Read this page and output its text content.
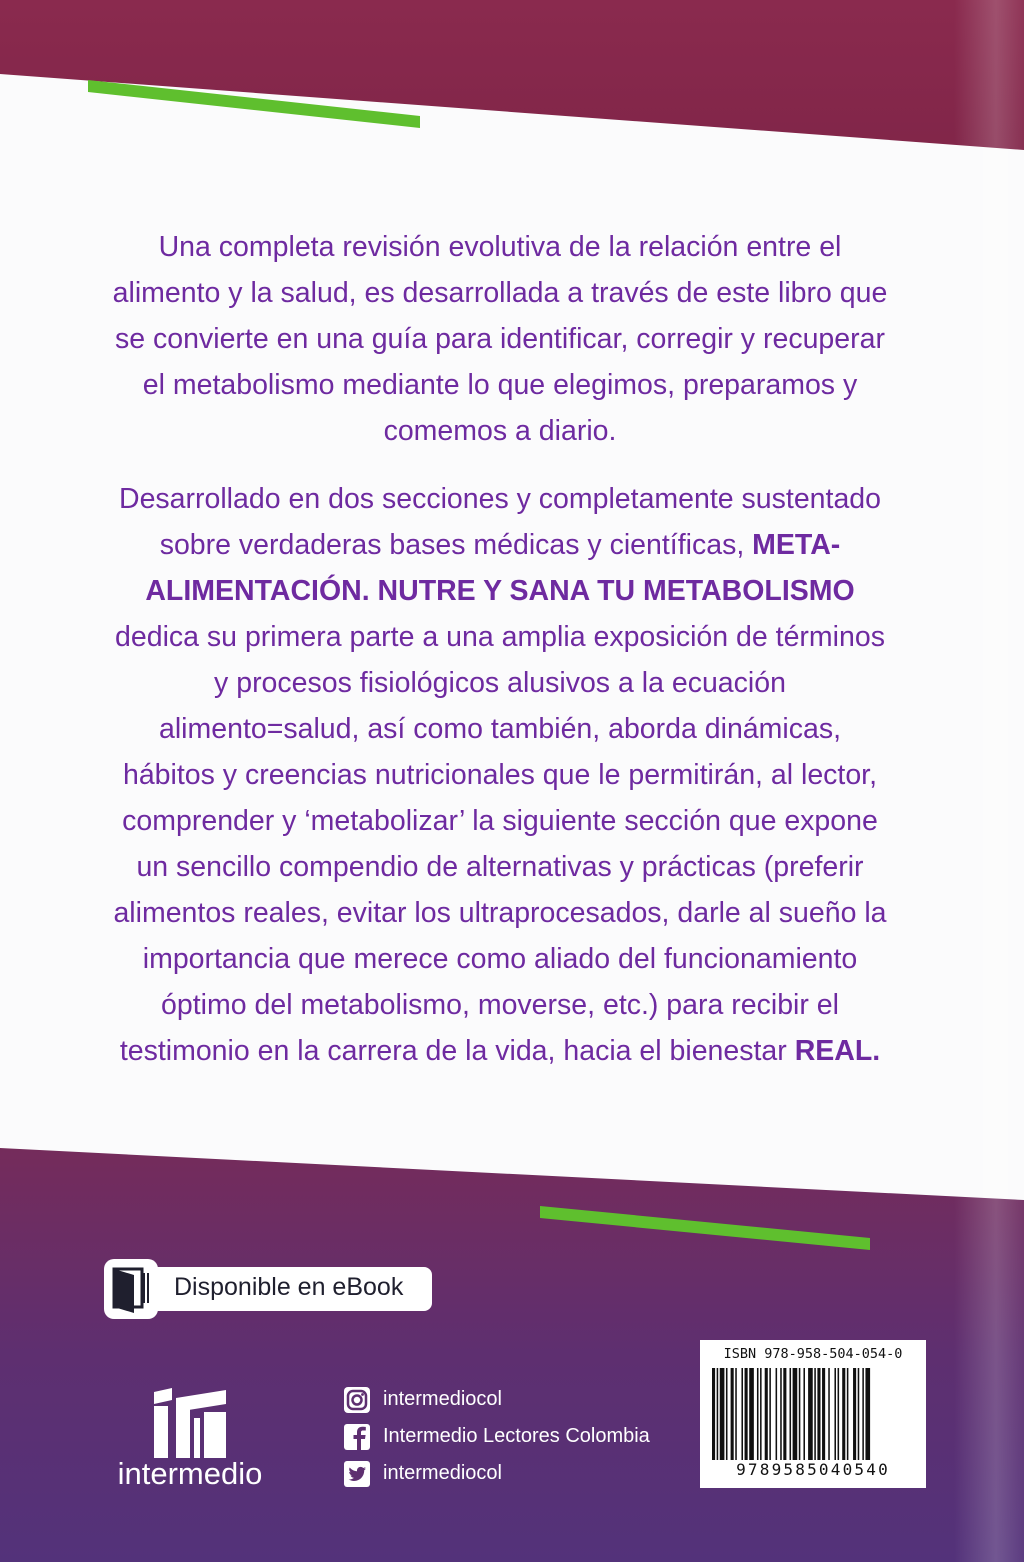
Una completa revisión evolutiva de la relación entre el alimento y la salud, es desarrollada a través de este libro que se convierte en una guía para identificar, corregir y recuperar el metabolismo mediante lo que elegimos, preparamos y comemos a diario.
Desarrollado en dos secciones y completamente sustentado sobre verdaderas bases médicas y científicas, META-ALIMENTACIÓN. NUTRE Y SANA TU METABOLISMO dedica su primera parte a una amplia exposición de términos y procesos fisiológicos alusivos a la ecuación alimento=salud, así como también, aborda dinámicas, hábitos y creencias nutricionales que le permitirán, al lector, comprender y ‘metabolizar’ la siguiente sección que expone un sencillo compendio de alternativas y prácticas (preferir alimentos reales, evitar los ultraprocesados, darle al sueño la importancia que merece como aliado del funcionamiento óptimo del metabolismo, moverse, etc.) para recibir el testimonio en la carrera de la vida, hacia el bienestar REAL.
Disponible en eBook
intermedio
intermediocol
Intermedio Lectores Colombia
intermediocol
ISBN 978-958-504-054-0
9789585040540
